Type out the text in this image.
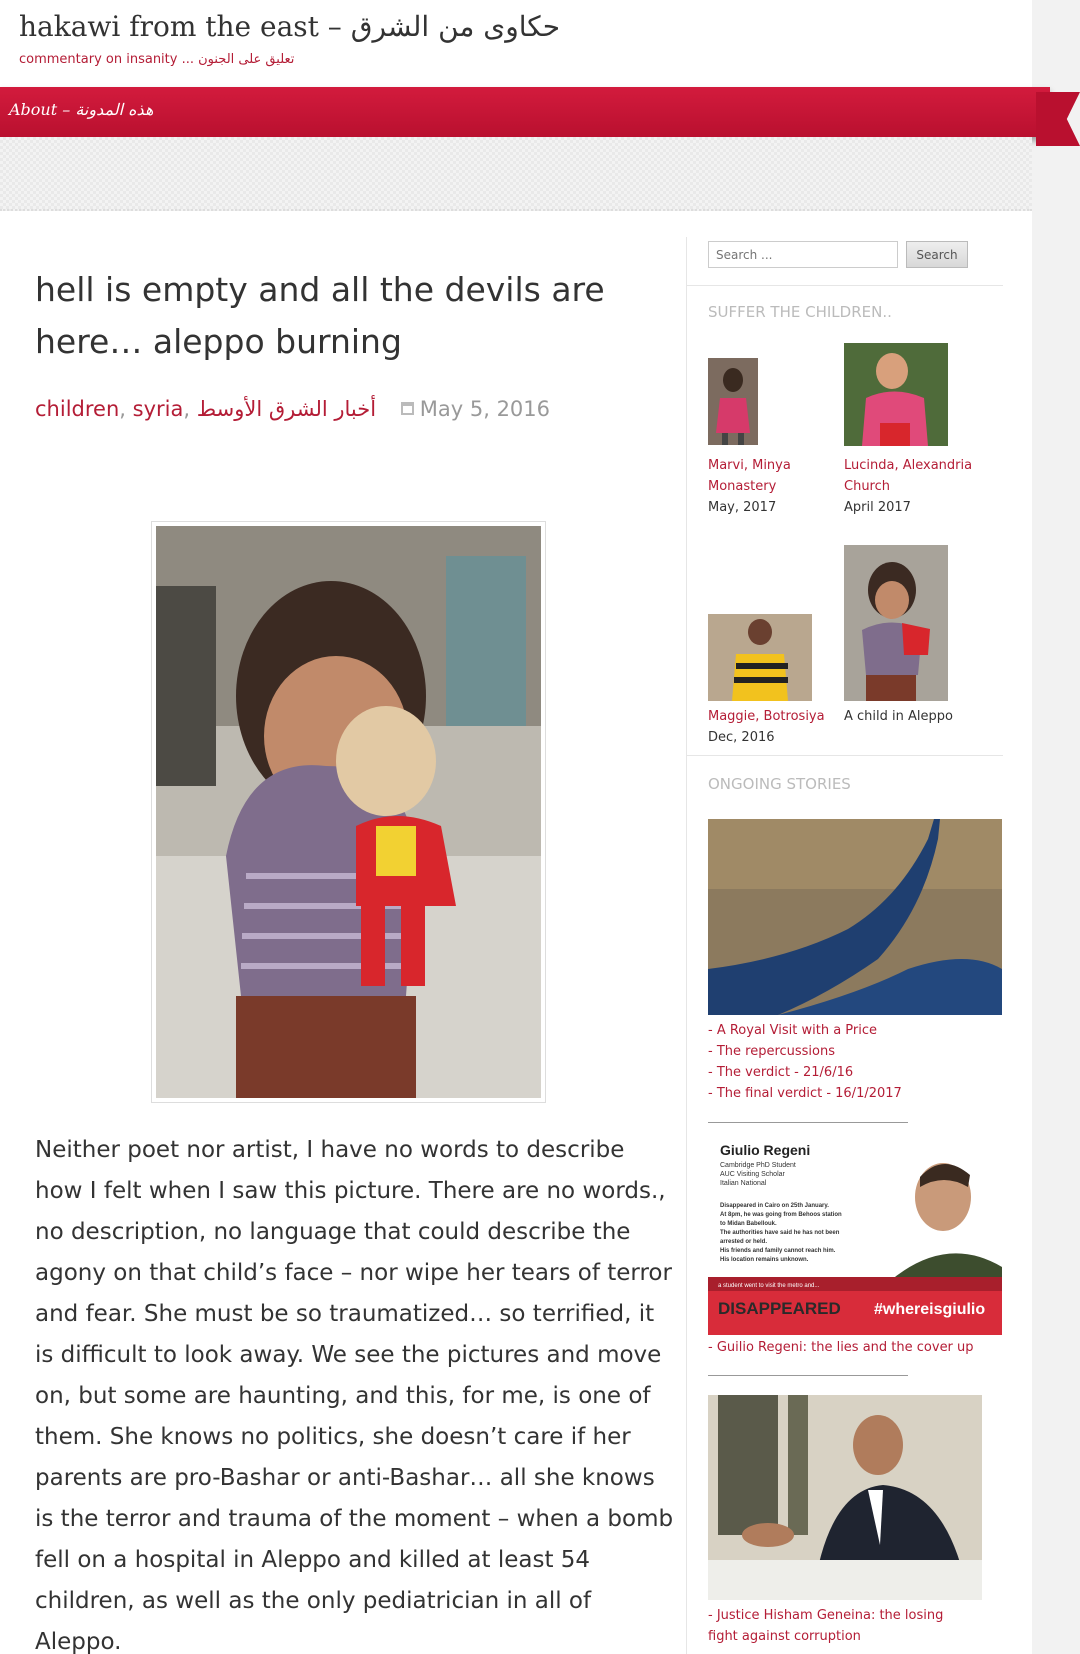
hakawi from the east – حكاوى من الشرق
commentary on insanity ... تعليق على الجنون
About – هذه المدونة
hell is empty and all the devils are here… aleppo burning
children, syria, أخبار الشرق الأوسط May 5, 2016

Neither poet nor artist, I have no words to describe how I felt when I saw this picture. There are no words., no description, no language that could describe the agony on that child’s face – nor wipe her tears of terror and fear. She must be so traumatized… so terrified, it is difficult to look away. We see the pictures and move on, but some are haunting, and this, for me, is one of them. She knows no politics, she doesn’t care if her parents are pro-Bashar or anti-Bashar… all she knows is the terror and trauma of the moment – when a bomb fell on a hospital in Aleppo and killed at least 54 children, as well as the only pediatrician in all of Aleppo.

Search ...
Search
SUFFER THE CHILDREN..
Marvi, Minya Monastery
May, 2017
Lucinda, Alexandria Church
April 2017
Maggie, Botrosiya
Dec, 2016
A child in Aleppo
ONGOING STORIES
- A Royal Visit with a Price
- The repercussions
- The verdict - 21/6/16
- The final verdict - 16/1/2017
Giulio Regeni
Cambridge PhD Student
AUC Visiting Scholar
Italian National
Disappeared in Cairo on 25th January.
At 8pm, he was going from Behoos station
to Midan Babellouk.
The authorities have said he has not been
arrested or held.
His friends and family cannot reach him.
His location remains unknown.
a student went to visit the metro and...
DISAPPEARED #whereisgiulio
- Guilio Regeni: the lies and the cover up
- Justice Hisham Geneina: the losing fight against corruption
